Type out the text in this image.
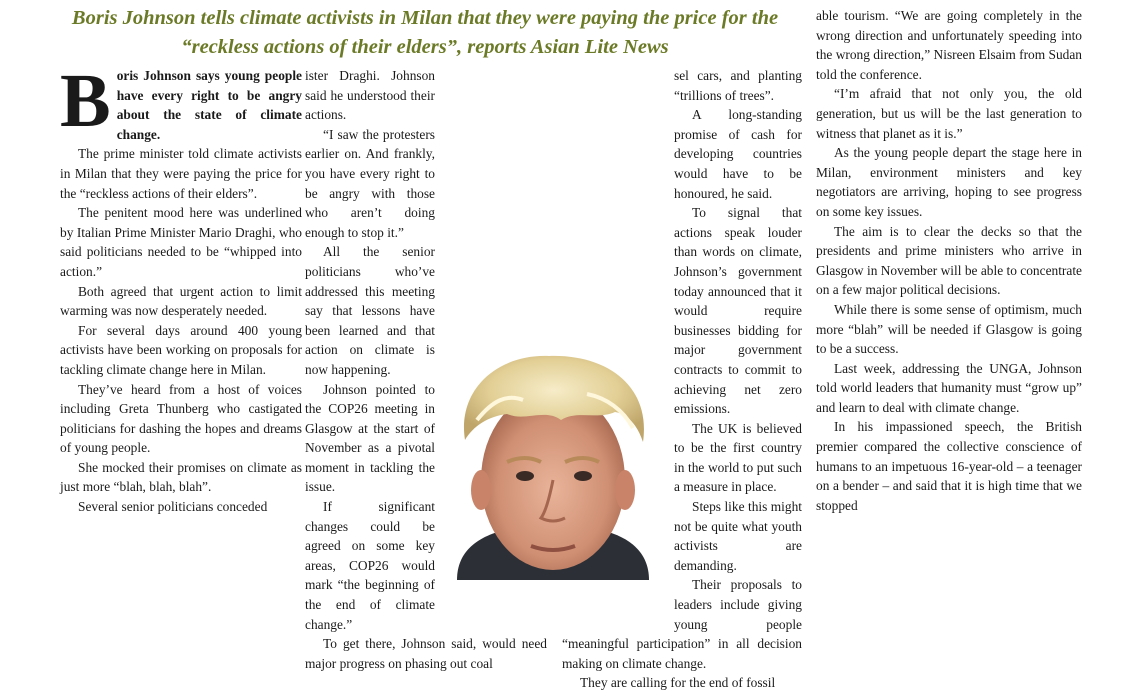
Boris Johnson tells climate activists in Milan that they were paying the price for the “reckless actions of their elders”, reports Asian Lite News

Boris Johnson says young people have every right to be angry about the state of climate change.

The prime minister told climate activists in Milan that they were paying the price for the “reckless actions of their elders”.

The penitent mood here was underlined by Italian Prime Minister Mario Draghi, who said politicians needed to be “whipped into action.”

Both agreed that urgent action to limit warming was now desperately needed.

For several days around 400 young activists have been working on proposals for tackling climate change here in Milan.

They’ve heard from a host of voices including Greta Thunberg who castigated politicians for dashing the hopes and dreams of young people.

She mocked their promises on climate as just more “blah, blah, blah”.

Several senior politicians conceded

ister Draghi. Johnson said he understood their actions.

“I saw the protesters earlier on. And frankly, you have every right to be angry with those who aren’t doing enough to stop it.”

All the senior politicians who’ve addressed this meeting say that lessons have been learned and that action on climate is now happening.

Johnson pointed to the COP26 meeting in Glasgow at the start of November as a pivotal moment in tackling the issue.

If significant changes could be agreed on some key areas, COP26 would mark “the beginning of the end of climate change.”

To get there, Johnson said, would need major progress on phasing out coal

sel cars, and planting “trillions of trees”.

A long-standing promise of cash for developing countries would have to be honoured, he said.

To signal that actions speak louder than words on climate, Johnson’s government today announced that it would require businesses bidding for major government contracts to commit to achieving net zero emissions.

The UK is believed to be the first country in the world to put such a measure in place.

Steps like this might not be quite what youth activists are demanding.

Their proposals to leaders include giving young people “meaningful participation” in all decision making on climate change.

They are calling for the end of fossil

able tourism. “We are going completely in the wrong direction and unfortunately speeding into the wrong direction,” Nisreen Elsaim from Sudan told the conference.

“I’m afraid that not only you, the old generation, but us will be the last generation to witness that planet as it is.”

As the young people depart the stage here in Milan, environment ministers and key negotiators are arriving, hoping to see progress on some key issues.

The aim is to clear the decks so that the presidents and prime ministers who arrive in Glasgow in November will be able to concentrate on a few major political decisions.

While there is some sense of optimism, much more “blah” will be needed if Glasgow is going to be a success.

Last week, addressing the UNGA, Johnson told world leaders that humanity must “grow up” and learn to deal with climate change.

In his impassioned speech, the British premier compared the collective conscience of humans to an impetuous 16-year-old – a teenager on a bender – and said that it is high time that we stopped
